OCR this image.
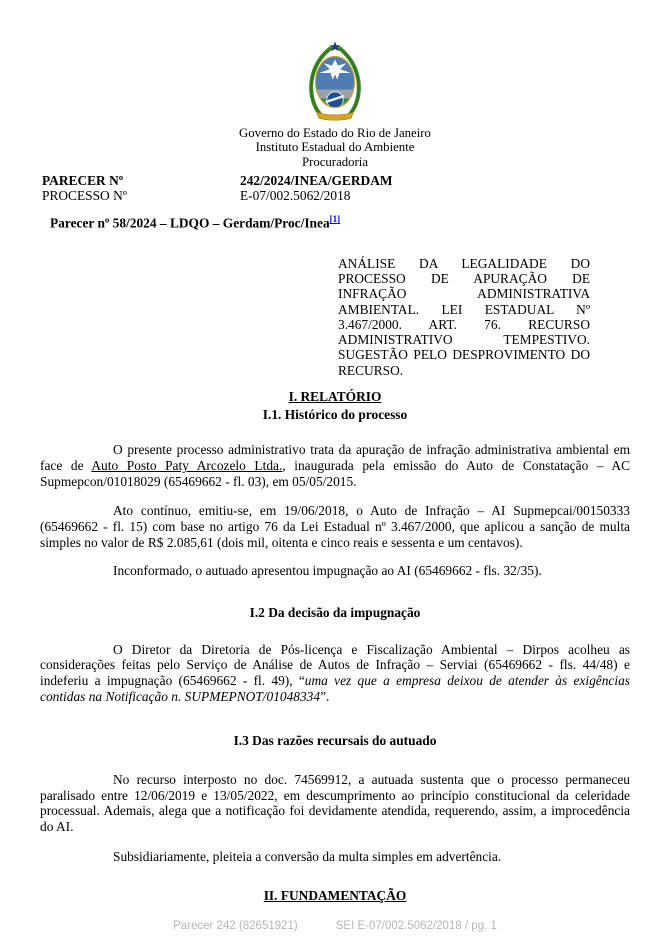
Governo do Estado do Rio de Janeiro
Instituto Estadual do Ambiente
Procuradoria
PARECER Nº	242/2024/INEA/GERDAM
PROCESSO Nº	E-07/002.5062/2018
Parecer nº 58/2024 – LDQO – Gerdam/Proc/Inea[1]
ANÁLISE DA LEGALIDADE DO PROCESSO DE APURAÇÃO DE INFRAÇÃO ADMINISTRATIVA AMBIENTAL. LEI ESTADUAL Nº 3.467/2000. ART. 76. RECURSO ADMINISTRATIVO TEMPESTIVO. SUGESTÃO PELO DESPROVIMENTO DO RECURSO.
I. RELATÓRIO
I.1. Histórico do processo

O presente processo administrativo trata da apuração de infração administrativa ambiental em face de Auto Posto Paty Arcozelo Ltda., inaugurada pela emissão do Auto de Constatação – AC Supmepcon/01018029 (65469662 - fl. 03), em 05/05/2015.

Ato contínuo, emitiu-se, em 19/06/2018, o Auto de Infração – AI Supmepcai/00150333 (65469662 - fl. 15) com base no artigo 76 da Lei Estadual nº 3.467/2000, que aplicou a sanção de multa simples no valor de R$ 2.085,61 (dois mil, oitenta e cinco reais e sessenta e um centavos).

Inconformado, o autuado apresentou impugnação ao AI (65469662 - fls. 32/35).

I.2 Da decisão da impugnação

O Diretor da Diretoria de Pós-licença e Fiscalização Ambiental – Dirpos acolheu as considerações feitas pelo Serviço de Análise de Autos de Infração – Serviai (65469662 - fls. 44/48) e indeferiu a impugnação (65469662 - fl. 49), “uma vez que a empresa deixou de atender às exigências contidas na Notificação n. SUPMEPNOT/01048334”.

I.3 Das razões recursais do autuado

No recurso interposto no doc. 74569912, a autuada sustenta que o processo permaneceu paralisado entre 12/06/2019 e 13/05/2022, em descumprimento ao princípio constitucional da celeridade processual. Ademais, alega que a notificação foi devidamente atendida, requerendo, assim, a improcedência do AI.

Subsidiariamente, pleiteia a conversão da multa simples em advertência.

II. FUNDAMENTAÇÃO
Parecer 242 (82651921)	SEI E-07/002.5062/2018 / pg. 1
